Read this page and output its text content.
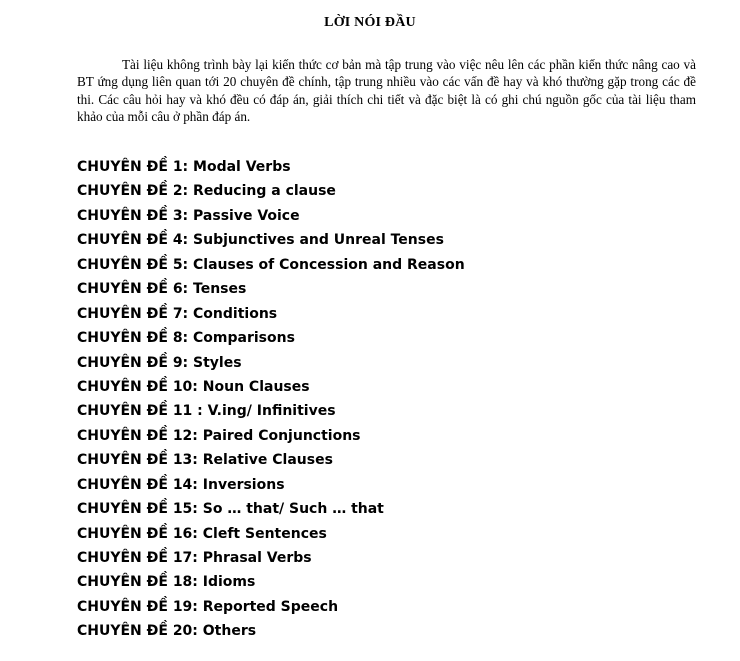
LỜI NÓI ĐẦU

Tài liệu không trình bày lại kiến thức cơ bản mà tập trung vào việc nêu lên các phần kiến thức nâng cao và BT ứng dụng liên quan tới 20 chuyên đề chính, tập trung nhiều vào các vấn đề hay và khó thường gặp trong các đề thi. Các câu hỏi hay và khó đều có đáp án, giải thích chi tiết và đặc biệt là có ghi chú nguồn gốc của tài liệu tham khảo của mỗi câu ở phần đáp án.

CHUYÊN ĐỀ 1: Modal Verbs
CHUYÊN ĐỀ 2: Reducing a clause
CHUYÊN ĐỀ 3: Passive Voice
CHUYÊN ĐỀ 4: Subjunctives and Unreal Tenses
CHUYÊN ĐỀ 5: Clauses of Concession and Reason
CHUYÊN ĐỀ 6: Tenses
CHUYÊN ĐỀ 7: Conditions
CHUYÊN ĐỀ 8: Comparisons
CHUYÊN ĐỀ 9: Styles
CHUYÊN ĐỀ 10: Noun Clauses
CHUYÊN ĐỀ 11 : V.ing/ Infinitives
CHUYÊN ĐỀ 12: Paired Conjunctions
CHUYÊN ĐỀ 13: Relative Clauses
CHUYÊN ĐỀ 14: Inversions
CHUYÊN ĐỀ 15: So … that/ Such … that
CHUYÊN ĐỀ 16: Cleft Sentences
CHUYÊN ĐỀ 17: Phrasal Verbs
CHUYÊN ĐỀ 18: Idioms
CHUYÊN ĐỀ 19: Reported Speech
CHUYÊN ĐỀ 20: Others
